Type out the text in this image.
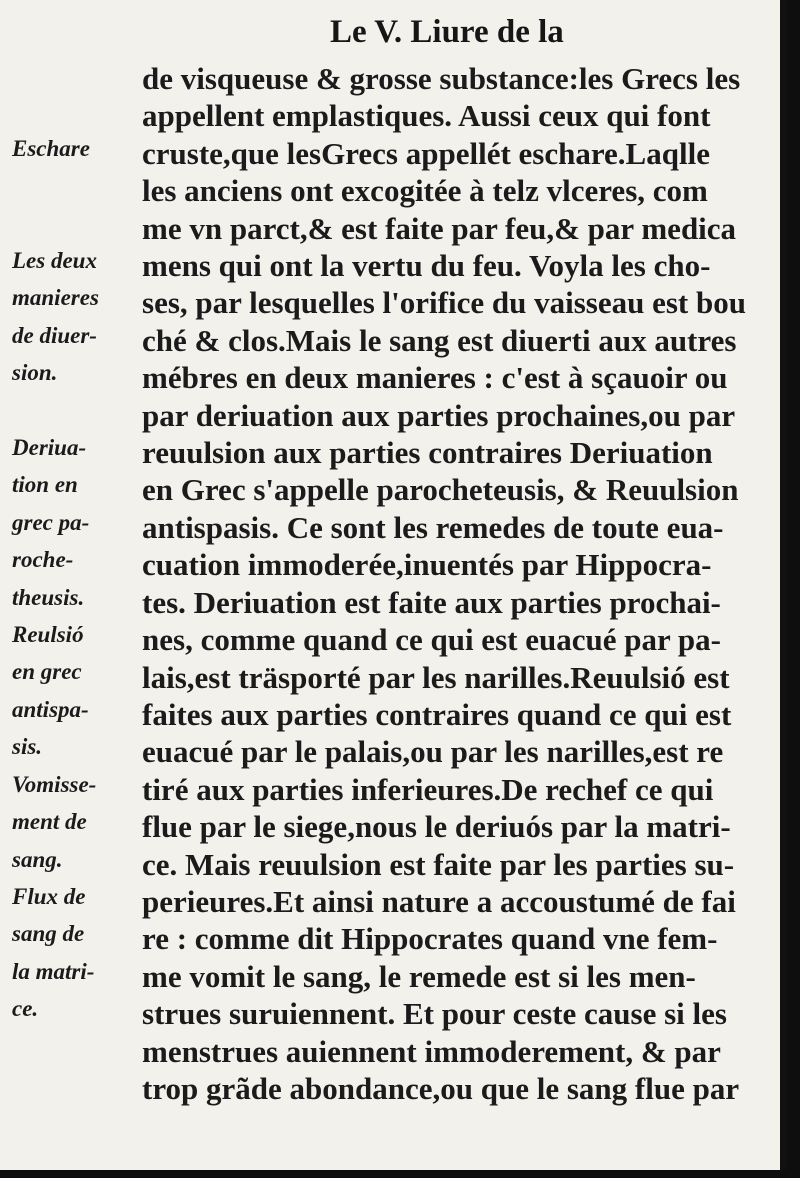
Le V. Liure de la
de visqueuse & grosse substance:les Grecs les
appellent emplastiques. Aussi ceux qui font
cruste,que lesGrecs appellét eschare.Laqlle
les anciens ont excogitée à telz vlceres, com
me vn parct,& est faite par feu,& par medica
mens qui ont la vertu du feu. Voyla les cho-
ses, par lesquelles l'orifice du vaisseau est bou
ché & clos.Mais le sang est diuerti aux autres
mébres en deux manieres : c'est à sçauoir ou
par deriuation aux parties prochaines,ou par
reuulsion aux parties contraires Deriuation
en Grec s'appelle parocheteusis, & Reuulsion
antispasis. Ce sont les remedes de toute eua-
cuation immoderée,inuentés par Hippocra-
tes. Deriuation est faite aux parties prochai-
nes, comme quand ce qui est euacué par pa-
lais,est träsporté par les narilles.Reuulsió est
faites aux parties contraires quand ce qui est
euacué par le palais,ou par les narilles,est re
tiré aux parties inferieures.De rechef ce qui
flue par le siege,nous le deriuós par la matri-
ce. Mais reuulsion est faite par les parties su-
perieures.Et ainsi nature a accoustumé de fai
re : comme dit Hippocrates quand vne fem-
me vomit le sang, le remede est si les men-
strues suruiennent. Et pour ceste cause si les
menstrues auiennent immoderement, & par
trop grãde abondance,ou que le sang flue par
Eschare
Les deux
manieres
de diuer-
sion.
Deriua-
tion en
grec pa-
roche-
theusis.
Reulsió
en grec
antispa-
sis.
Vomisse-
ment de
sang.
Flux de
sang de
la matri-
ce.
